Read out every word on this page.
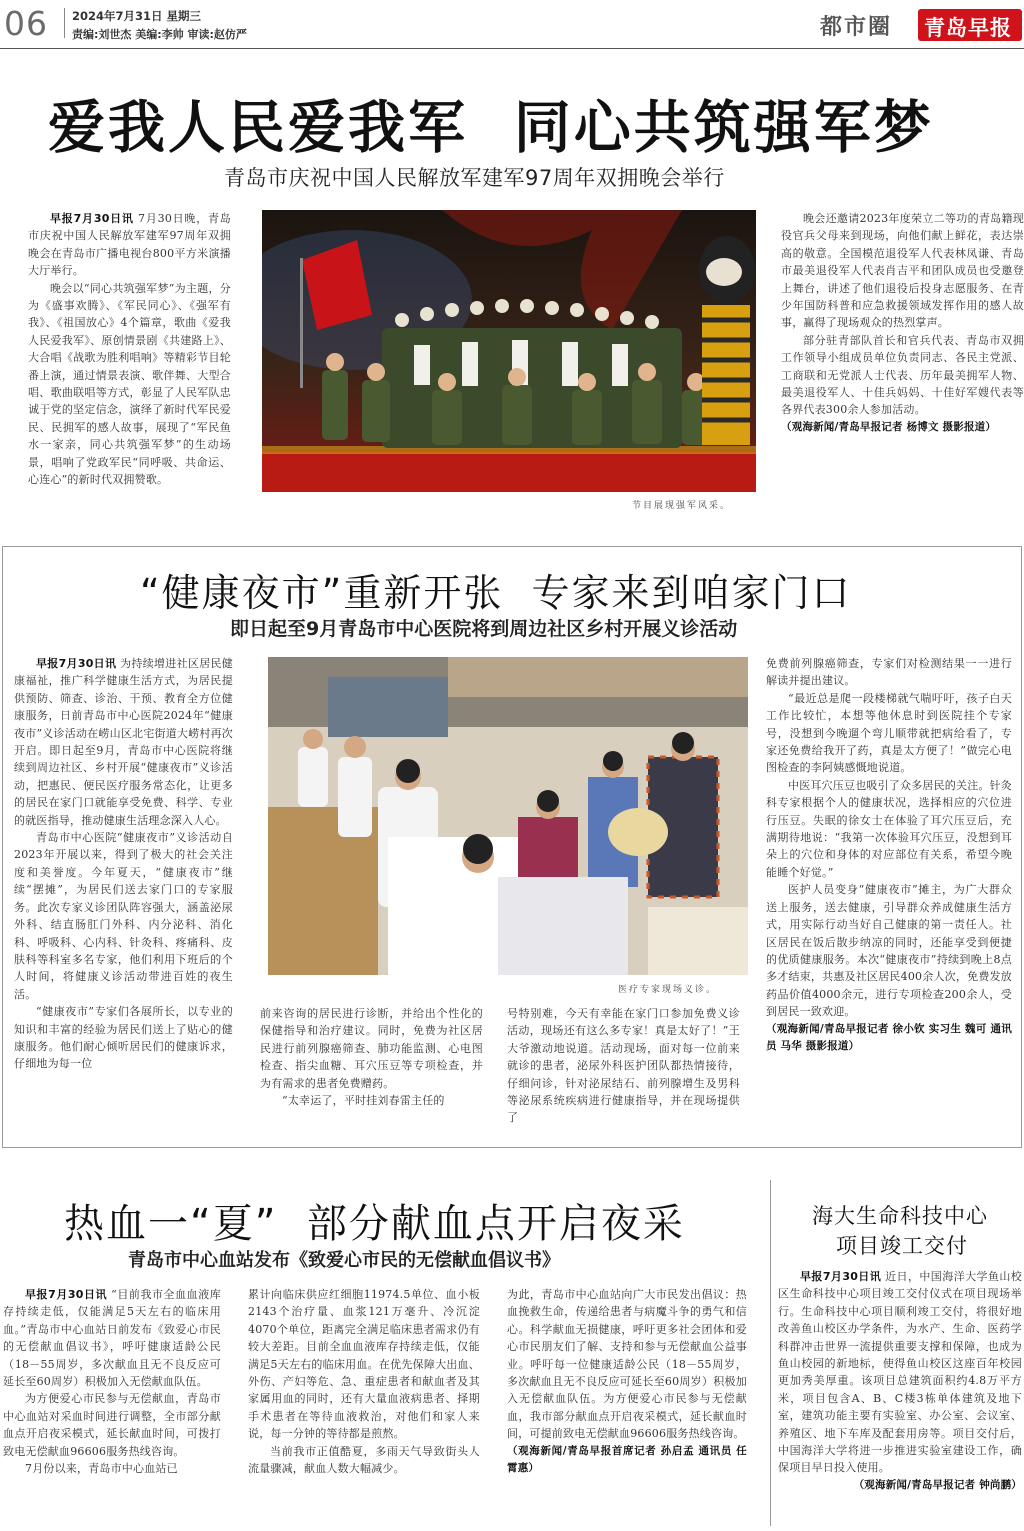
06 2024年7月31日 星期三
责编:刘世杰 美编:李帅 审读:赵仿严	都市圈 青岛早报
爱我人民爱我军  同心共筑强军梦
青岛市庆祝中国人民解放军建军97周年双拥晚会举行

早报7月30日讯 7月30日晚，青岛市庆祝中国人民解放军建军97周年双拥晚会在青岛市广播电视台800平方米演播大厅举行。

晚会以“同心共筑强军梦”为主题，分为《盛事欢腾》、《军民同心》、《强军有我》、《祖国放心》4个篇章，歌曲《爱我人民爱我军》、原创情景剧《共建路上》、大合唱《战歌为胜利唱响》等精彩节目轮番上演，通过情景表演、歌伴舞、大型合唱、歌曲联唱等方式，彰显了人民军队忠诚于党的坚定信念，演绎了新时代军民爱民、民拥军的感人故事，展现了“军民鱼水一家亲，同心共筑强军梦”的生动场景，唱响了党政军民“同呼吸、共命运、心连心”的新时代双拥赞歌。

节目展现强军风采。

晚会还邀请2023年度荣立二等功的青岛籍现役官兵父母来到现场，向他们献上鲜花，表达崇高的敬意。全国模范退役军人代表林凤谦、青岛市最美退役军人代表肖吉平和团队成员也受邀登上舞台，讲述了他们退役后投身志愿服务、在青少年国防科普和应急救援领域发挥作用的感人故事，赢得了现场观众的热烈掌声。

部分驻青部队首长和官兵代表、青岛市双拥工作领导小组成员单位负责同志、各民主党派、工商联和无党派人士代表、历年最美拥军人物、最美退役军人、十佳兵妈妈、十佳好军嫂代表等各界代表300余人参加活动。

（观海新闻/青岛早报记者 杨博文 摄影报道）
“健康夜市”重新开张  专家来到咱家门口
即日起至9月青岛市中心医院将到周边社区乡村开展义诊活动

早报7月30日讯 为持续增进社区居民健康福祉，推广科学健康生活方式，为居民提供预防、筛查、诊治、干预、教育全方位健康服务，日前青岛市中心医院2024年“健康夜市”义诊活动在崂山区北宅街道大崂村再次开启。即日起至9月，青岛市中心医院将继续到周边社区、乡村开展“健康夜市”义诊活动，把惠民、便民医疗服务常态化，让更多的居民在家门口就能享受免费、科学、专业的就医指导，推动健康生活理念深入人心。

青岛市中心医院“健康夜市”义诊活动自2023年开展以来，得到了极大的社会关注度和美誉度。今年夏天，“健康夜市”继续“摆摊”，为居民们送去家门口的专家服务。此次专家义诊团队阵容强大，涵盖泌尿外科、结直肠肛门外科、内分泌科、消化科、呼吸科、心内科、针灸科、疼痛科、皮肤科等科室多名专家，他们利用下班后的个人时间，将健康义诊活动带进百姓的夜生活。

“健康夜市”专家们各展所长，以专业的知识和丰富的经验为居民们送上了贴心的健康服务。他们耐心倾听居民们的健康诉求，仔细地为每一位

医疗专家现场义诊。

前来咨询的居民进行诊断，并给出个性化的保健指导和治疗建议。同时，免费为社区居民进行前列腺癌筛查、肺功能监测、心电图检查、指尖血糖、耳穴压豆等专项检查，并为有需求的患者免费赠药。

“太幸运了，平时挂刘春雷主任的

号特别难，今天有幸能在家门口参加免费义诊活动，现场还有这么多专家！真是太好了！”王大爷激动地说道。活动现场，面对每一位前来就诊的患者，泌尿外科医护团队都热情接待，仔细问诊，针对泌尿结石、前列腺增生及男科等泌尿系统疾病进行健康指导，并在现场提供了

免费前列腺癌筛查，专家们对检测结果一一进行解读并提出建议。

“最近总是爬一段楼梯就气喘吁吁，孩子白天工作比较忙，本想等他休息时到医院挂个专家号，没想到今晚遛个弯儿顺带就把病给看了，专家还免费给我开了药，真是太方便了！”做完心电图检查的李阿姨感慨地说道。

中医耳穴压豆也吸引了众多居民的关注。针灸科专家根据个人的健康状况，选择相应的穴位进行压豆。失眠的徐女士在体验了耳穴压豆后，充满期待地说：“我第一次体验耳穴压豆，没想到耳朵上的穴位和身体的对应部位有关系，希望今晚能睡个好觉。”

医护人员变身“健康夜市”摊主，为广大群众送上服务，送去健康，引导群众养成健康生活方式，用实际行动当好自己健康的第一责任人。社区居民在饭后散步纳凉的同时，还能享受到便捷的优质健康服务。本次“健康夜市”持续到晚上8点多才结束，共惠及社区居民400余人次，免费发放药品价值4000余元，进行专项检查200余人，受到居民一致欢迎。

（观海新闻/青岛早报记者 徐小钦 实习生 魏可 通讯员 马华 摄影报道）
热血一“夏”  部分献血点开启夜采
青岛市中心血站发布《致爱心市民的无偿献血倡议书》

早报7月30日讯 “目前我市全血血液库存持续走低，仅能满足5天左右的临床用血。”青岛市中心血站日前发布《致爱心市民的无偿献血倡议书》，呼吁健康适龄公民（18－55周岁，多次献血且无不良反应可延长至60周岁）积极加入无偿献血队伍。

为方便爱心市民参与无偿献血，青岛市中心血站对采血时间进行调整，全市部分献血点开启夜采模式，延长献血时间，可拨打致电无偿献血96606服务热线咨询。

7月份以来，青岛市中心血站已

累计向临床供应红细胞11974.5单位、血小板2143个治疗量、血浆121万毫升、冷沉淀4070个单位，距离完全满足临床患者需求仍有较大差距。目前全血血液库存持续走低，仅能满足5天左右的临床用血。在优先保障大出血、外伤、产妇等危、急、重症患者和献血者及其家属用血的同时，还有大量血液病患者、择期手术患者在等待血液救治，对他们和家人来说，每一分钟的等待都是煎熬。

当前我市正值酷夏，多雨天气导致街头人流量骤减，献血人数大幅减少。

为此，青岛市中心血站向广大市民发出倡议：热血挽救生命，传递给患者与病魔斗争的勇气和信心。科学献血无损健康，呼吁更多社会团体和爱心市民朋友们了解、支持和参与无偿献血公益事业。呼吁每一位健康适龄公民（18－55周岁，多次献血且无不良反应可延长至60周岁）积极加入无偿献血队伍。为方便爱心市民参与无偿献血，我市部分献血点开启夜采模式，延长献血时间，可提前致电无偿献血96606服务热线咨询。

（观海新闻/青岛早报首席记者 孙启孟 通讯员 任霄惠）
海大生命科技中心
项目竣工交付

早报7月30日讯 近日，中国海洋大学鱼山校区生命科技中心项目竣工交付仪式在项目现场举行。生命科技中心项目顺利竣工交付，将很好地改善鱼山校区办学条件，为水产、生命、医药学科群冲击世界一流提供重要支撑和保障，也成为鱼山校园的新地标，使得鱼山校区这座百年校园更加秀美厚重。该项目总建筑面积约4.8万平方米，项目包含A、B、C楼3栋单体建筑及地下室，建筑功能主要有实验室、办公室、会议室、养殖区、地下车库及配套用房等。项目交付后，中国海洋大学将进一步推进实验室建设工作，确保项目早日投入使用。

（观海新闻/青岛早报记者 钟尚鹏）
